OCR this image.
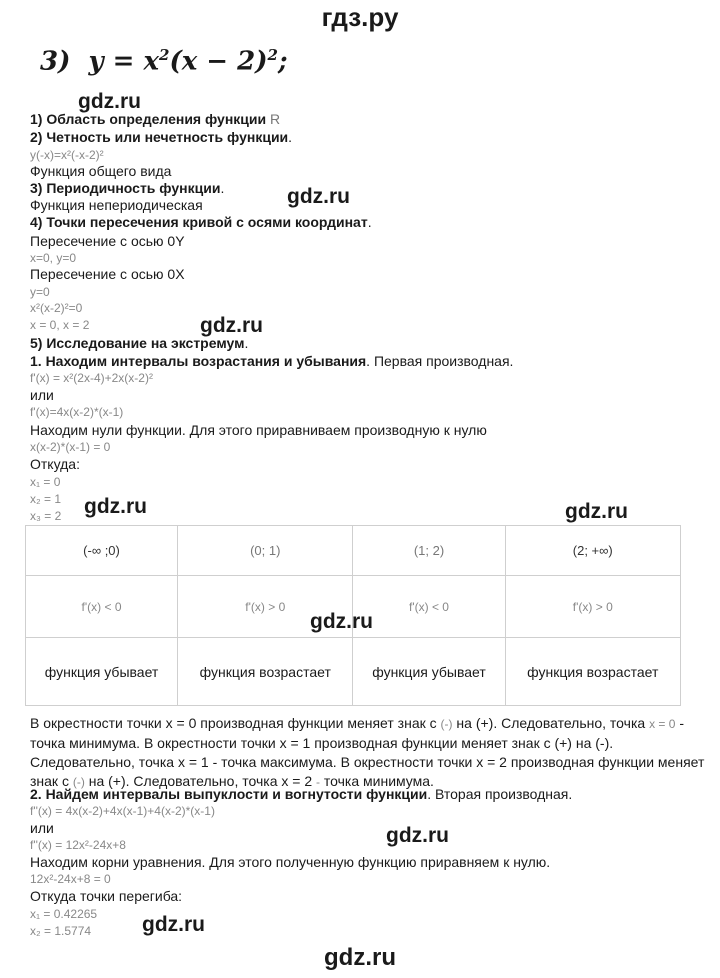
гдз.ру
3) $y = x^2(x - 2)^2$;
gdz.ru
gdz.ru
gdz.ru
gdz.ru	gdz.ru
gdz.ru
gdz.ru
gdz.ru
1) Область определения функции R
2) Четность или нечетность функции.
y(-x)=x²(-x-2)²
Функция общего вида
3) Периодичность функции.
Функция непериодическая
4) Точки пересечения кривой с осями координат.
Пересечение с осью 0Y
x=0, y=0
Пересечение с осью 0X
y=0
x²(x-2)²=0
x = 0, x = 2
5) Исследование на экстремум.
1. Находим интервалы возрастания и убывания. Первая производная.
f'(x) = x²(2x-4)+2x(x-2)²
или
f'(x)=4x(x-2)*(x-1)
Находим нули функции. Для этого приравниваем производную к нулю
x(x-2)*(x-1) = 0
Откуда:
x₁ = 0
x₂ = 1
x₃ = 2
(-∞ ;0)	(0; 1)	(1; 2)	(2; +∞)
f'(x) < 0	f'(x) > 0	f'(x) < 0	f'(x) > 0
функция убывает	функция возрастает	функция убывает	функция возрастает
В окрестности точки x = 0 производная функции меняет знак с (-) на (+). Следовательно, точка x = 0 - точка минимума. В окрестности точки x = 1 производная функции меняет знак с (+) на (-). Следовательно, точка x = 1 - точка максимума. В окрестности точки x = 2 производная функции меняет знак с (-) на (+). Следовательно, точка x = 2 - точка минимума.
2. Найдем интервалы выпуклости и вогнутости функции. Вторая производная.
f''(x) = 4x(x-2)+4x(x-1)+4(x-2)*(x-1)
или
f''(x) = 12x²-24x+8
Находим корни уравнения. Для этого полученную функцию приравняем к нулю.
12x²-24x+8 = 0
Откуда точки перегиба:
x₁ = 0.42265
x₂ = 1.5774
gdz.ru
